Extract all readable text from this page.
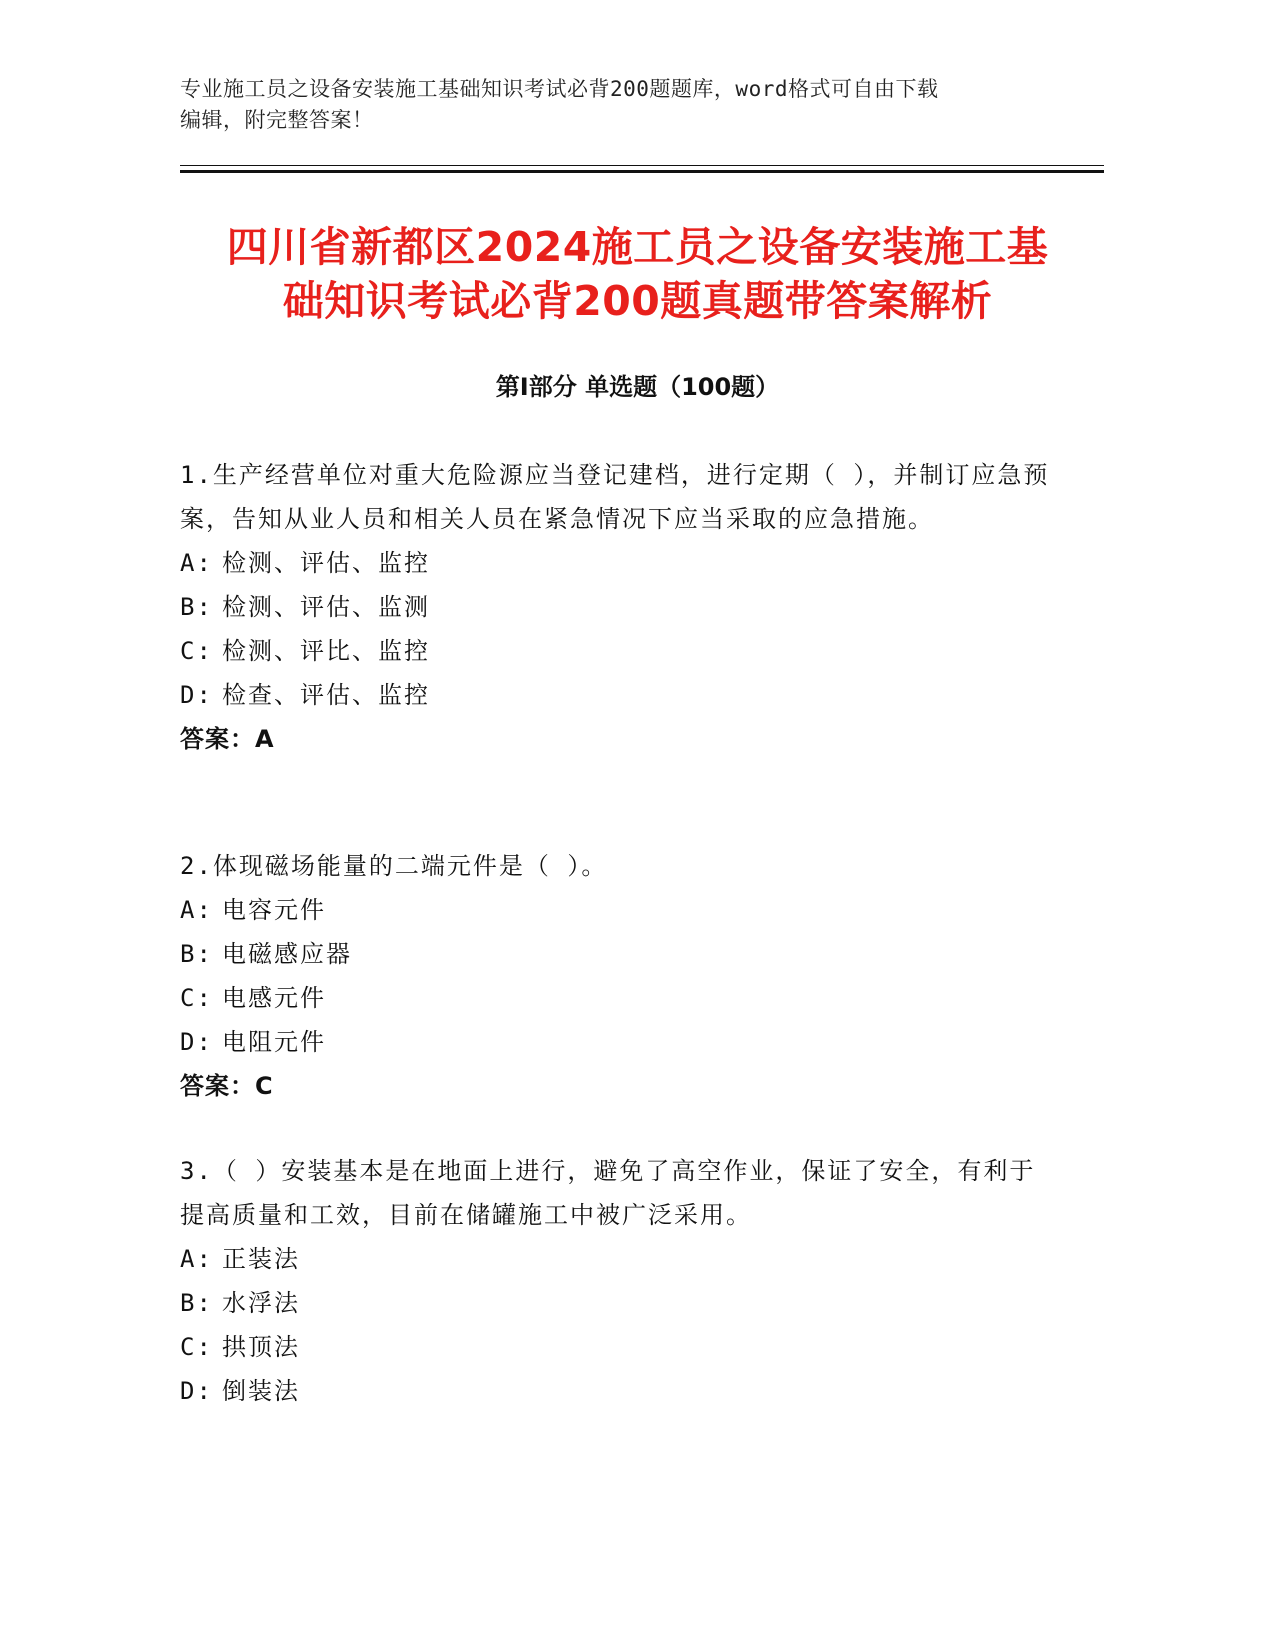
专业施工员之设备安装施工基础知识考试必背200题题库，word格式可自由下载
编辑，附完整答案！
四川省新都区2024施工员之设备安装施工基
础知识考试必背200题真题带答案解析
第Ⅰ部分 单选题（100题）
1.生产经营单位对重大危险源应当登记建档，进行定期（ ），并制订应急预案，告知从业人员和相关人员在紧急情况下应当采取的应急措施。
A: 检测、评估、监控
B: 检测、评估、监测
C: 检测、评比、监控
D: 检查、评估、监控
答案：A
2.体现磁场能量的二端元件是（ ）。
A: 电容元件
B: 电磁感应器
C: 电感元件
D: 电阻元件
答案：C
3.（ ）安装基本是在地面上进行，避免了高空作业，保证了安全，有利于提高质量和工效，目前在储罐施工中被广泛采用。
A: 正装法
B: 水浮法
C: 拱顶法
D: 倒装法
